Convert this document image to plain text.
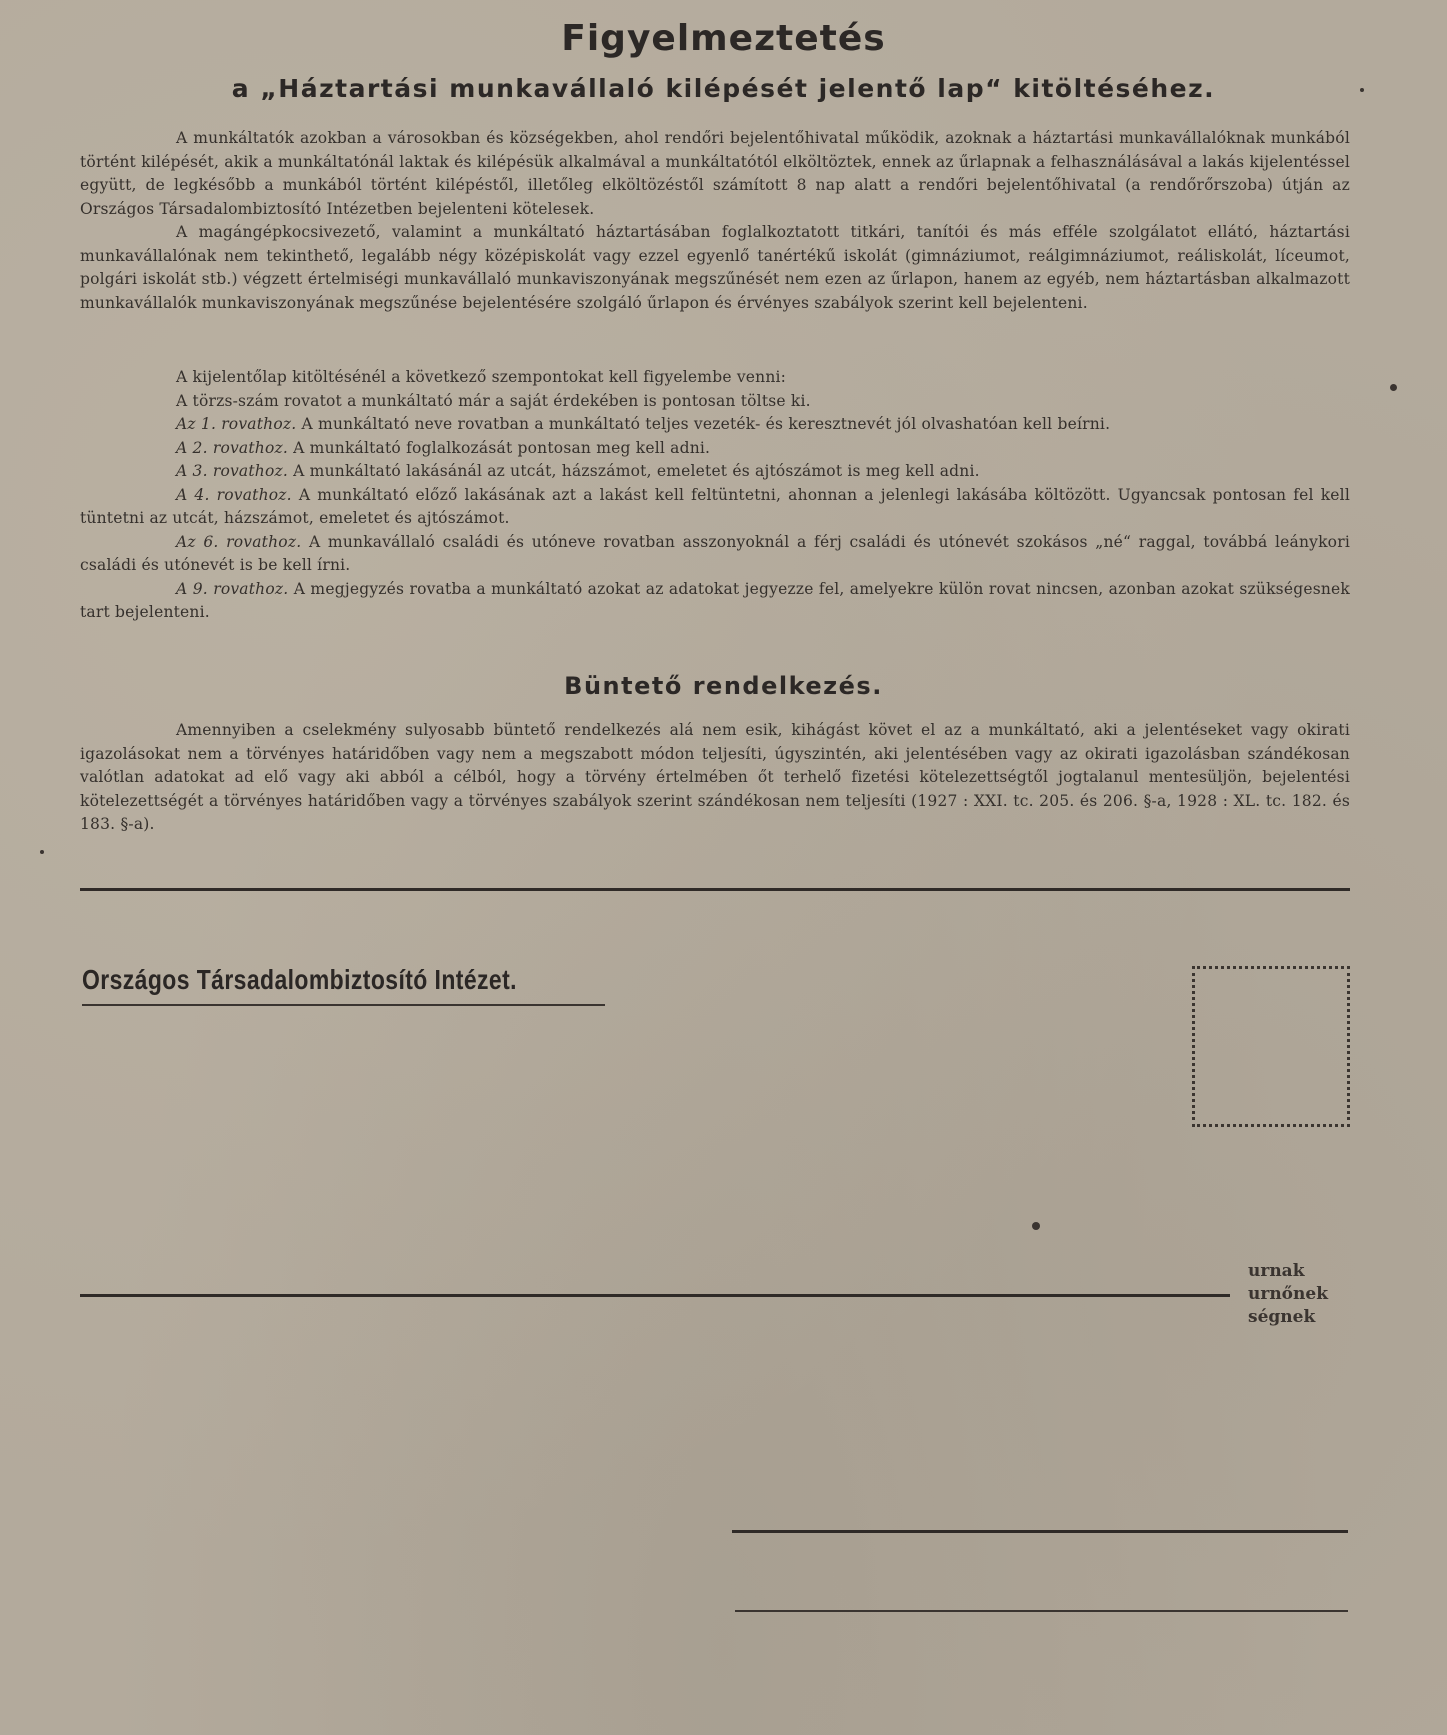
Figyelmeztetés
a „Háztartási munkavállaló kilépését jelentő lap“ kitöltéséhez.

A munkáltatók azokban a városokban és községekben, ahol rendőri bejelentőhivatal működik, azoknak a háztartási munkavállalóknak munkából történt kilépését, akik a munkáltatónál laktak és kilépésük alkalmával a munkáltatótól elköltöztek, ennek az űrlapnak a felhasználásával a lakás kijelentéssel együtt, de legkésőbb a munkából történt kilépéstől, illetőleg elköltözéstől számított 8 nap alatt a rendőri bejelentőhivatal (a rendőrőrszoba) útján az Országos Társadalombiztosító Intézetben bejelenteni kötelesek.

A magángépkocsivezető, valamint a munkáltató háztartásában foglalkoztatott titkári, tanítói és más efféle szolgálatot ellátó, háztartási munkavállalónak nem tekinthető, legalább négy középiskolát vagy ezzel egyenlő tanértékű iskolát (gimnáziumot, reálgimnáziumot, reáliskolát, líceumot, polgári iskolát stb.) végzett értelmiségi munkavállaló munkaviszonyának megszűnését nem ezen az űrlapon, hanem az egyéb, nem háztartásban alkalmazott munkavállalók munkaviszonyának megszűnése bejelentésére szolgáló űrlapon és érvényes szabályok szerint kell bejelenteni.

A kijelentőlap kitöltésénél a következő szempontokat kell figyelembe venni:

A törzs-szám rovatot a munkáltató már a saját érdekében is pontosan töltse ki.

Az 1. rovathoz. A munkáltató neve rovatban a munkáltató teljes vezeték- és keresztnevét jól olvashatóan kell beírni.

A 2. rovathoz. A munkáltató foglalkozását pontosan meg kell adni.

A 3. rovathoz. A munkáltató lakásánál az utcát, házszámot, emeletet és ajtószámot is meg kell adni.

A 4. rovathoz. A munkáltató előző lakásának azt a lakást kell feltüntetni, ahonnan a jelenlegi lakásába költözött. Ugyancsak pontosan fel kell tüntetni az utcát, házszámot, emeletet és ajtószámot.

Az 6. rovathoz. A munkavállaló családi és utóneve rovatban asszonyoknál a férj családi és utónevét szokásos „né“ raggal, továbbá leánykori családi és utónevét is be kell írni.

A 9. rovathoz. A megjegyzés rovatba a munkáltató azokat az adatokat jegyezze fel, amelyekre külön rovat nincsen, azonban azokat szükségesnek tart bejelenteni.

Büntető rendelkezés.

Amennyiben a cselekmény sulyosabb büntető rendelkezés alá nem esik, kihágást követ el az a munkáltató, aki a jelentéseket vagy okirati igazolásokat nem a törvényes határidőben vagy nem a megszabott módon teljesíti, úgyszintén, aki jelentésében vagy az okirati igazolásban szándékosan valótlan adatokat ad elő vagy aki abból a célból, hogy a törvény értelmében őt terhelő fizetési kötelezettségtől jogtalanul mentesüljön, bejelentési kötelezettségét a törvényes határidőben vagy a törvényes szabályok szerint szándékosan nem teljesíti (1927 : XXI. tc. 205. és 206. §-a, 1928 : XL. tc. 182. és 183. §-a).

Országos Társadalombiztosító Intézet.
urnak
urnőnek
ségnek
